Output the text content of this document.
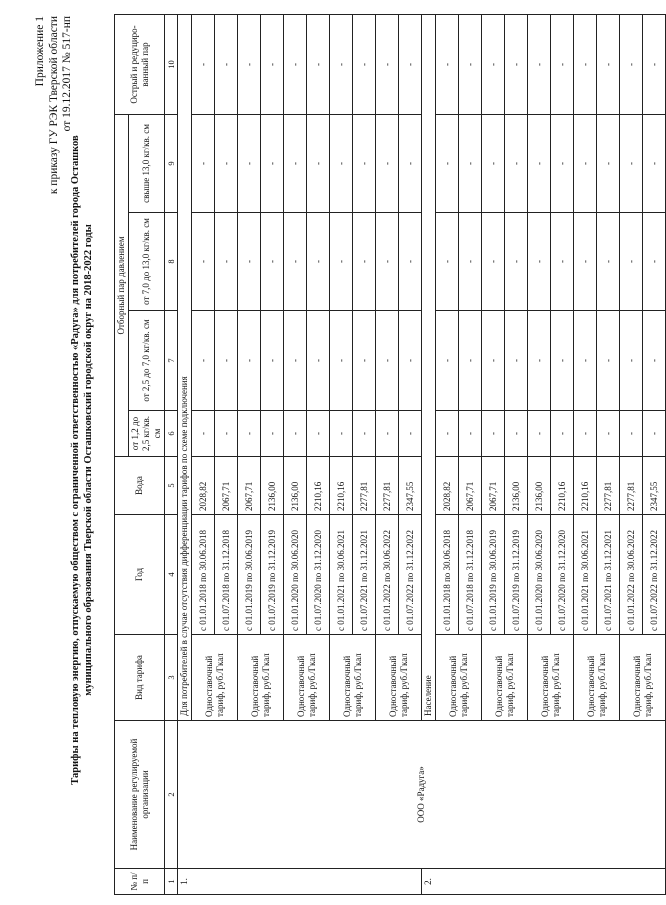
Приложение 1 к приказу ГУ РЭК Тверской области от 19.12.2017 № 517-нп
Тарифы на тепловую энергию, отпускаемую обществом с ограниченной ответственностью «Радуга» для потребителей города Осташков муниципального образования Тверской области Осташковский городской округ на 2018-2022 годы
№ п/ п	Наименование регулируемой организации	Вид тарифа	Год	Вода	Отборный пар давлением				Острый и редуциро- ванный пар
					от 1,2 до 2,5 кг/кв. см	от 2,5 до 7,0 кг/кв. см	от 7,0 до 13,0 кг/кв. см	свыше 13,0 кг/кв. см	
1	2	3	4	5	6	7	8	9	10
1.	ООО «Радуга»	Для потребителей в случае отсутствия дифференциации тарифов по схеме подключения							
		Одноставочный тариф, руб./Гкал	с 01.01.2018 по 30.06.2018	2028,82	-	-	-	-	-
			с 01.07.2018 по 31.12.2018	2067,71	-	-	-	-	-
		Одноставочный тариф, руб./Гкал	с 01.01.2019 по 30.06.2019	2067,71	-	-	-	-	-
			с 01.07.2019 по 31.12.2019	2136,00	-	-	-	-	-
		Одноставочный тариф, руб./Гкал	с 01.01.2020 по 30.06.2020	2136,00	-	-	-	-	-
			с 01.07.2020 по 31.12.2020	2210,16	-	-	-	-	-
		Одноставочный тариф, руб./Гкал	с 01.01.2021 по 30.06.2021	2210,16	-	-	-	-	-
			с 01.07.2021 по 31.12.2021	2277,81	-	-	-	-	-
		Одноставочный тариф, руб./Гкал	с 01.01.2022 по 30.06.2022	2277,81	-	-	-	-	-
			с 01.07.2022 по 31.12.2022	2347,55	-	-	-	-	-
2.		Население							
		Одноставочный тариф, руб./Гкал	с 01.01.2018 по 30.06.2018	2028,82	-	-	-	-	-
			с 01.07.2018 по 31.12.2018	2067,71	-	-	-	-	-
		Одноставочный тариф, руб./Гкал	с 01.01.2019 по 30.06.2019	2067,71	-	-	-	-	-
			с 01.07.2019 по 31.12.2019	2136,00	-	-	-	-	-
		Одноставочный тариф, руб./Гкал	с 01.01.2020 по 30.06.2020	2136,00	-	-	-	-	-
			с 01.07.2020 по 31.12.2020	2210,16	-	-	-	-	-
		Одноставочный тариф, руб./Гкал	с 01.01.2021 по 30.06.2021	2210,16	-	-	-	-	-
			с 01.07.2021 по 31.12.2021	2277,81	-	-	-	-	-
		Одноставочный тариф, руб./Гкал	с 01.01.2022 по 30.06.2022	2277,81	-	-	-	-	-
			с 01.07.2022 по 31.12.2022	2347,55	-	-	-	-	-
